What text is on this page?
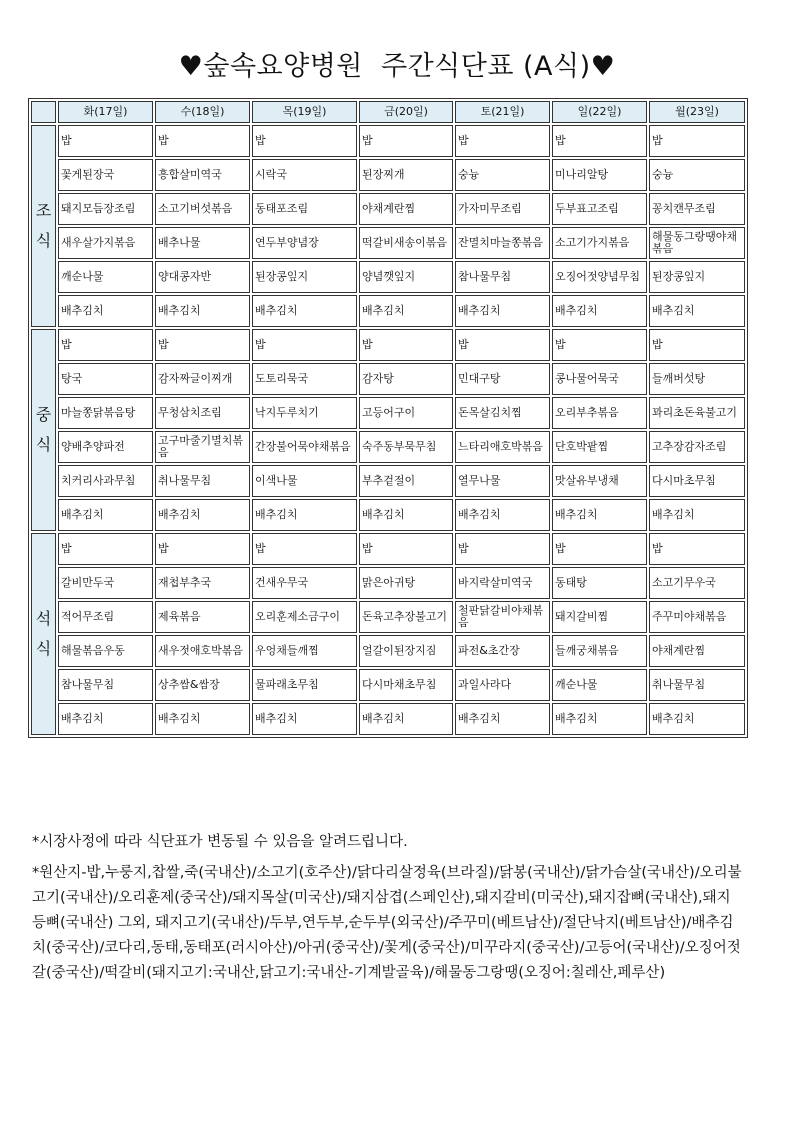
♥숲속요양병원  주간식단표 (A식)♥
	화(17일)	수(18일)	목(19일)	금(20일)	토(21일)	일(22일)	월(23일)

조
식	밥	밥	밥	밥	밥	밥	밥
	꽃게된장국	흥합살미역국	시락국	된장찌개	숭늉	미나리알탕	숭늉
	돼지모듬장조림	소고기버섯볶음	동태포조림	야채계란찜	가자미무조림	두부표고조림	꽁치캔무조림
	새우살가지볶음	배추나물	연두부양념장	떡갈비새송이볶음	잔멸치마늘쫑볶음	소고기가지볶음	해물동그랑땡야채볶음
	깨순나물	양대콩자반	된장콩잎지	양념깻잎지	참나물무침	오징어젓양념무침	된장콩잎지
	배추김치	배추김치	배추김치	배추김치	배추김치	배추김치	배추김치

중
식	밥	밥	밥	밥	밥	밥	밥
	탕국	감자짜글이찌개	도토리묵국	감자탕	민대구탕	콩나물어묵국	들깨버섯탕
	마늘쫑닭볶음탕	무청삼치조림	낙지두루치기	고등어구이	돈목살김치찜	오리부추볶음	꽈리초돈육불고기
	양배추양파전	고구마줄기멸치볶음	간장불어묵야채볶음	숙주동부묵무침	느타리애호박볶음	단호박팥찜	고추장감자조림
	치커리사과무침	취나물무침	이색나물	부추겉절이	열무나물	맛살유부냉채	다시마초무침
	배추김치	배추김치	배추김치	배추김치	배추김치	배추김치	배추김치

석
식	밥	밥	밥	밥	밥	밥	밥
	갈비만두국	재첩부추국	건새우무국	맑은아귀탕	바지락살미역국	동태탕	소고기무우국
	적어무조림	제육볶음	오리훈제소금구이	돈육고추장불고기	철판닭갈비야채볶음	돼지갈비찜	주꾸미야채볶음
	해물볶음우동	새우젓애호박볶음	우엉채들깨찜	얼갈이된장지짐	파전&초간장	들깨궁채볶음	야채계란찜
	참나물무침	상추쌈&쌈장	물파래초무침	다시마채초무침	과일사라다	깨순나물	취나물무침
	배추김치	배추김치	배추김치	배추김치	배추김치	배추김치	배추김치

*시장사정에 따라 식단표가 변동될 수 있음을 알려드립니다.

*원산지-밥,누룽지,찹쌀,죽(국내산)/소고기(호주산)/닭다리살정육(브라질)/닭봉(국내산)/닭가슴살(국내산)/오리불고기(국내산)/오리훈제(중국산)/돼지목살(미국산)/돼지삼겹(스페인산),돼지갈비(미국산),돼지잡뼈(국내산),돼지등뼈(국내산) 그외, 돼지고기(국내산)/두부,연두부,순두부(외국산)/주꾸미(베트남산)/절단낙지(베트남산)/배추김치(중국산)/코다리,동태,동태포(러시아산)/아귀(중국산)/꽃게(중국산)/미꾸라지(중국산)/고등어(국내산)/오징어젓갈(중국산)/떡갈비(돼지고기:국내산,닭고기:국내산-기계발골육)/해물동그랑땡(오징어:칠레산,페루산)
